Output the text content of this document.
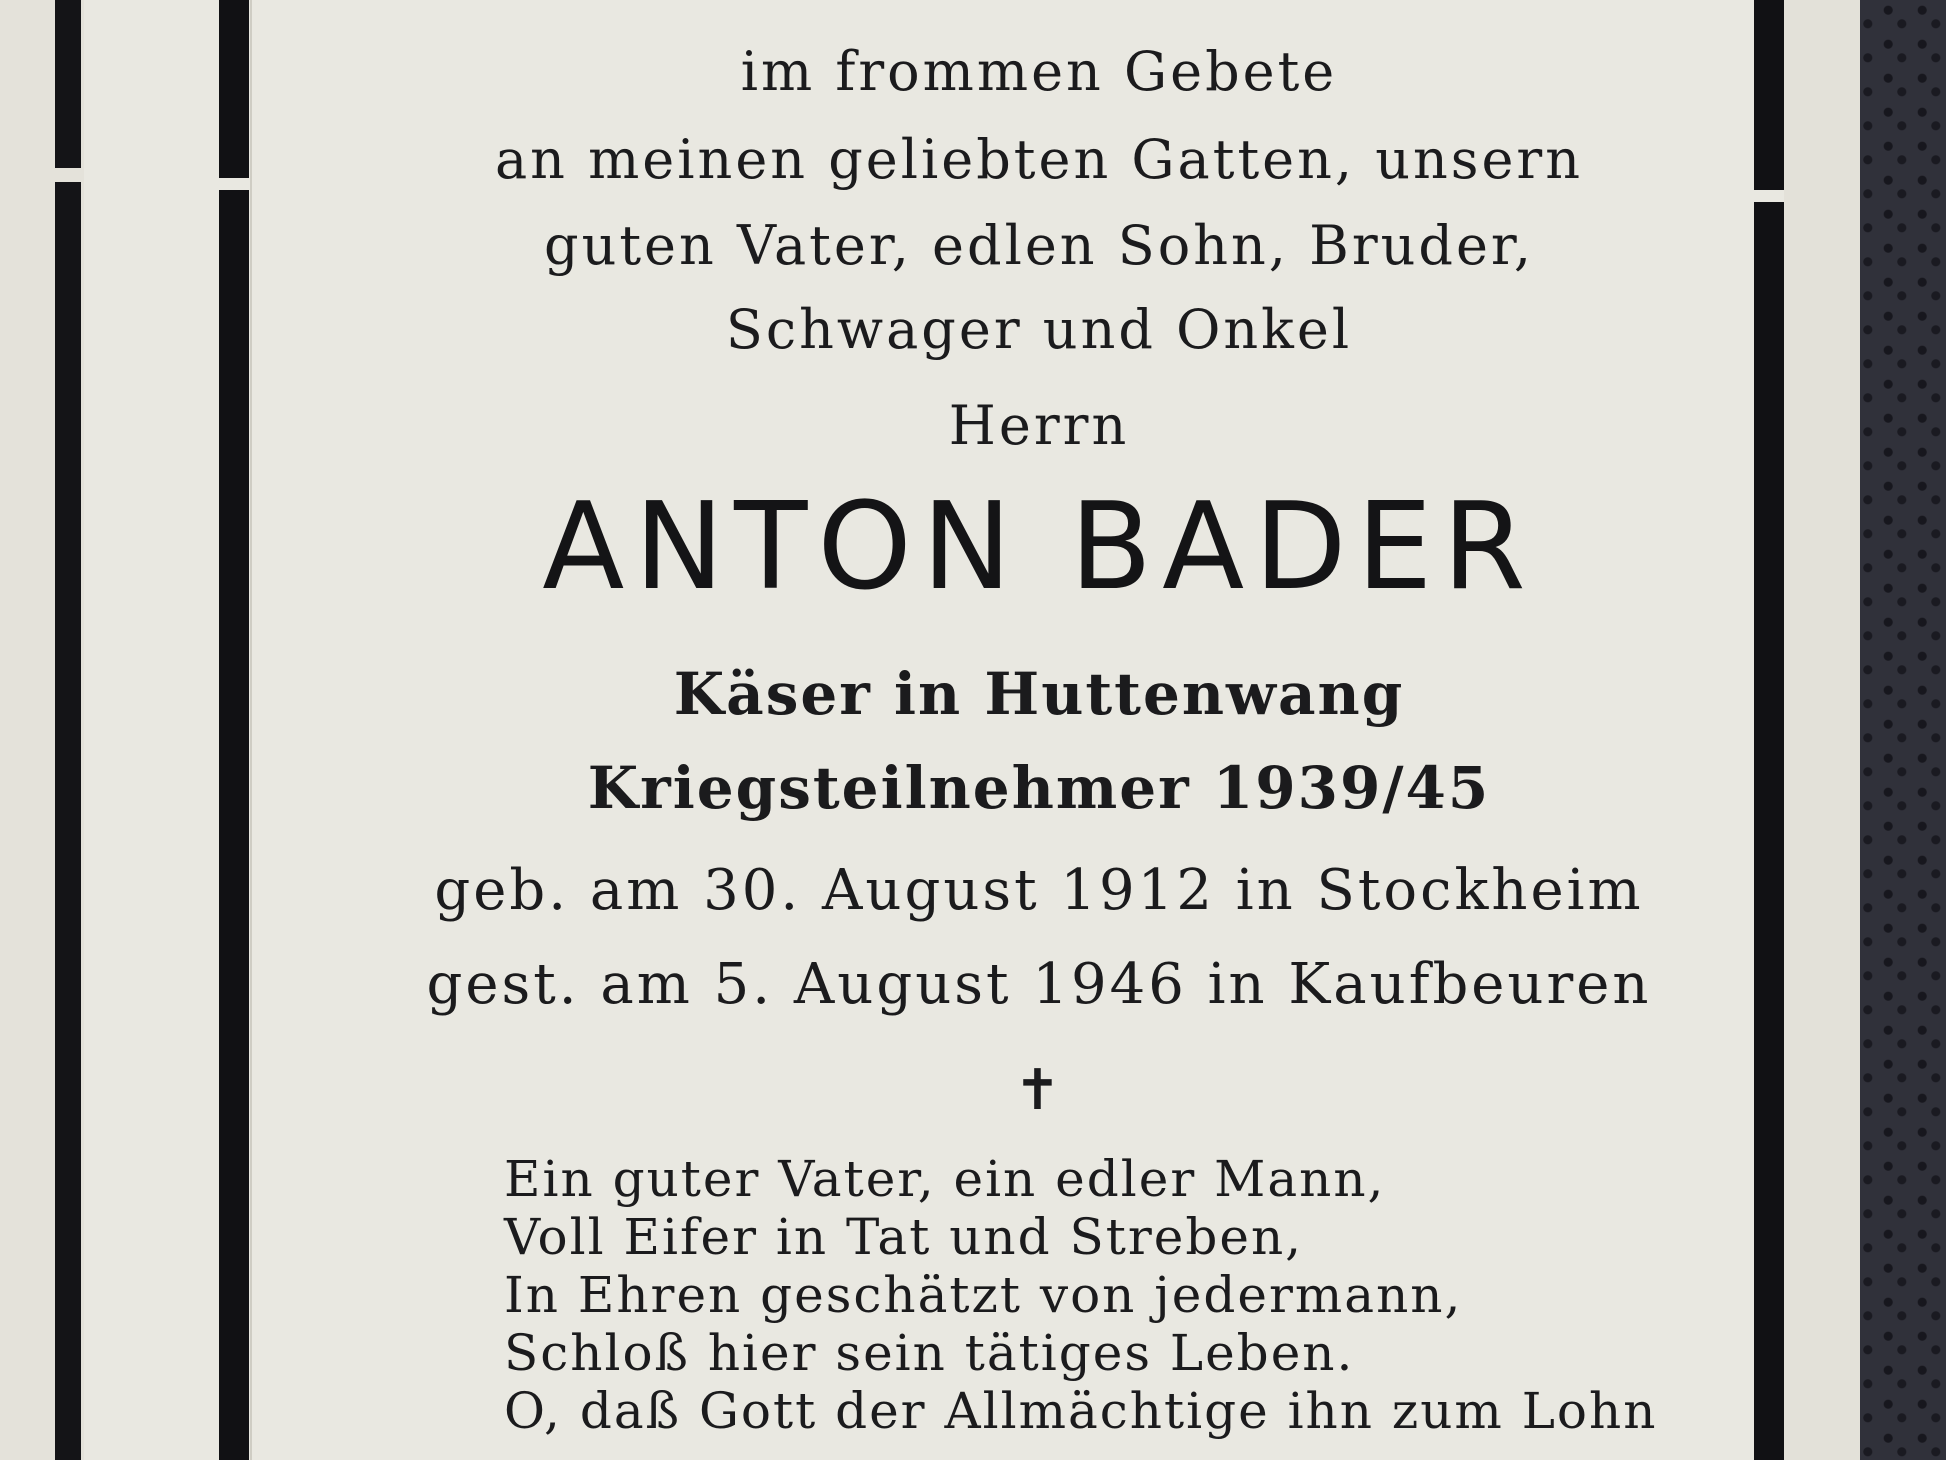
im frommen Gebete
an meinen geliebten Gatten, unsern
guten Vater, edlen Sohn, Bruder,
Schwager und Onkel
Herrn
ANTON BADER
Käser in Huttenwang
Kriegsteilnehmer 1939/45
geb. am 30. August 1912 in Stockheim
gest. am 5. August 1946 in Kaufbeuren
✝
Ein guter Vater, ein edler Mann,
Voll Eifer in Tat und Streben,
In Ehren geschätzt von jedermann,
Schloß hier sein tätiges Leben.
O, daß Gott der Allmächtige ihn zum Lohn
